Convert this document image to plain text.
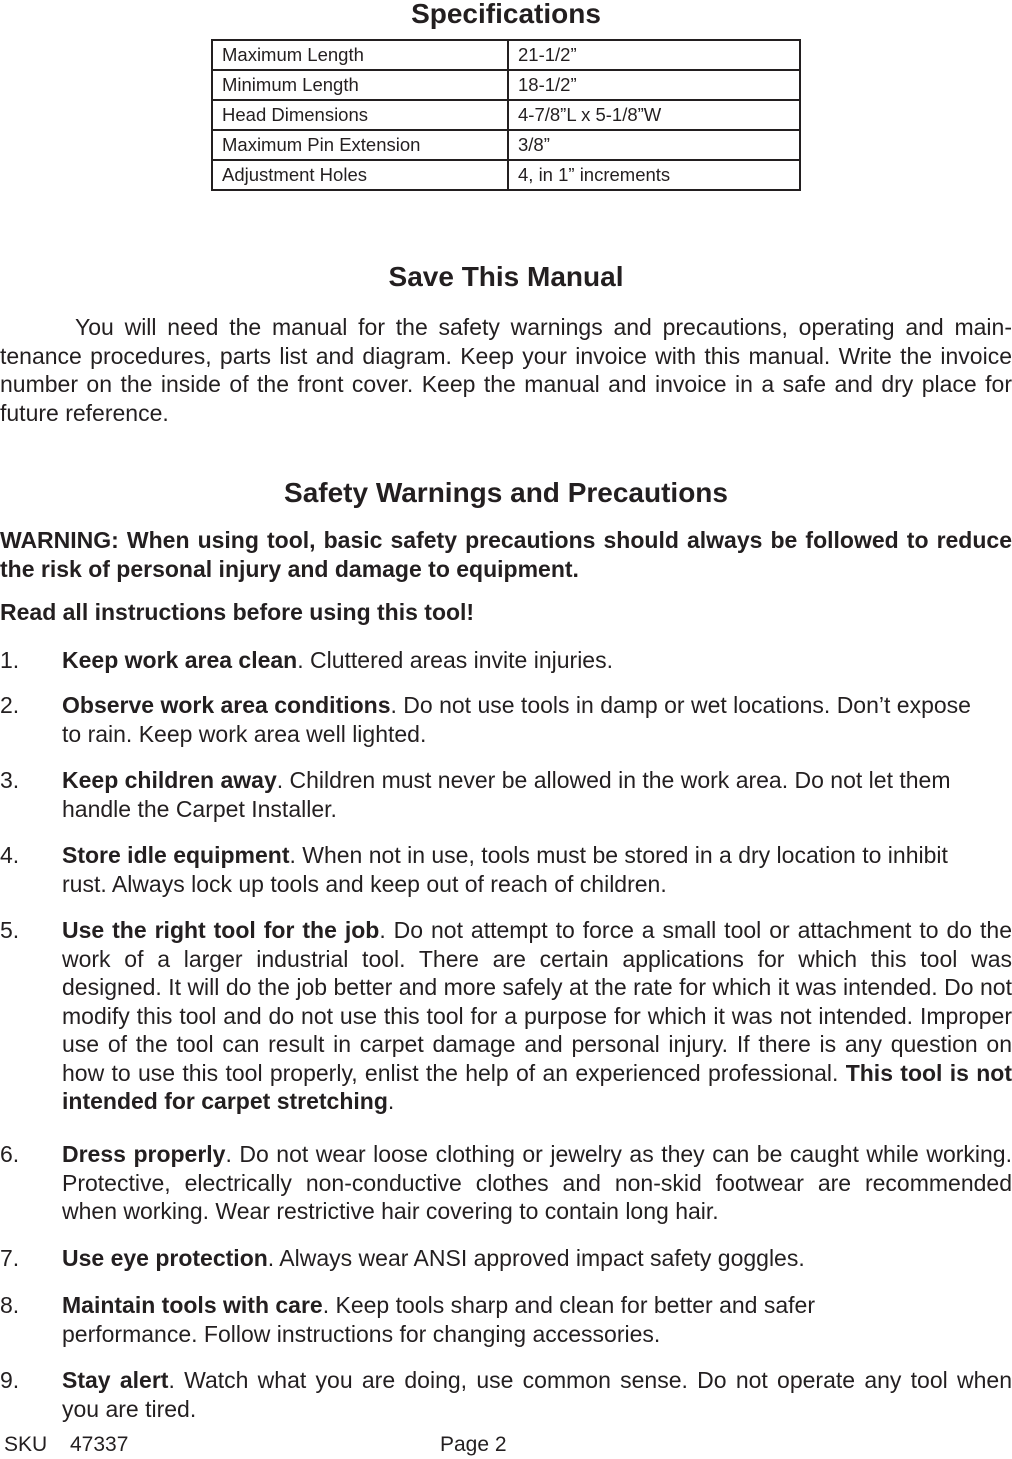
Specifications
Maximum Length	21-1/2”
Minimum Length	18-1/2”
Head Dimensions	4-7/8”L x 5-1/8”W
Maximum Pin Extension	3/8”
Adjustment Holes	4, in 1” increments
Save This Manual

You will need the manual for the safety warnings and precautions, operating and main-tenance procedures, parts list and diagram. Keep your invoice with this manual. Write the invoice number on the inside of the front cover. Keep the manual and invoice in a safe and dry place for future reference.

Safety Warnings and Precautions

WARNING: When using tool, basic safety precautions should always be followed to reduce the risk of personal injury and damage to equipment.

Read all instructions before using this tool!

1. Keep work area clean. Cluttered areas invite injuries.
2. Observe work area conditions. Do not use tools in damp or wet locations. Don’t expose to rain. Keep work area well lighted.
3. Keep children away. Children must never be allowed in the work area. Do not let them handle the Carpet Installer.
4. Store idle equipment. When not in use, tools must be stored in a dry location to inhibit rust. Always lock up tools and keep out of reach of children.
5. Use the right tool for the job. Do not attempt to force a small tool or attachment to do the work of a larger industrial tool. There are certain applications for which this tool was designed. It will do the job better and more safely at the rate for which it was intended. Do not modify this tool and do not use this tool for a purpose for which it was not intended. Improper use of the tool can result in carpet damage and personal injury. If there is any question on how to use this tool properly, enlist the help of an experienced professional. This tool is not intended for carpet stretching.
6. Dress properly. Do not wear loose clothing or jewelry as they can be caught while working. Protective, electrically non-conductive clothes and non-skid footwear are recommended when working. Wear restrictive hair covering to contain long hair.
7. Use eye protection. Always wear ANSI approved impact safety goggles.
8. Maintain tools with care. Keep tools sharp and clean for better and safer performance. Follow instructions for changing accessories.
9. Stay alert. Watch what you are doing, use common sense. Do not operate any tool when you are tired.
SKU 47337	Page 2
